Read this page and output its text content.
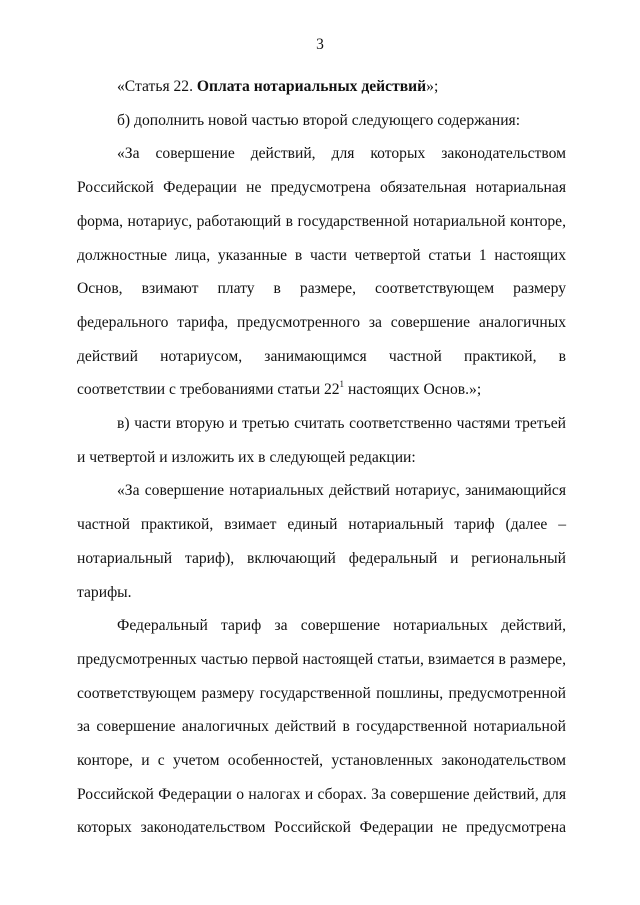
3

«Статья 22. Оплата нотариальных действий»;

б) дополнить новой частью второй следующего содержания:

«За совершение действий, для которых законодательством Российской Федерации не предусмотрена обязательная нотариальная форма, нотариус, работающий в государственной нотариальной конторе, должностные лица, указанные в части четвертой статьи 1 настоящих Основ, взимают плату в размере, соответствующем размеру федерального тарифа, предусмотренного за совершение аналогичных действий нотариусом, занимающимся частной практикой, в соответствии с требованиями статьи $22^1$ настоящих Основ.»;

в) части вторую и третью считать соответственно частями третьей и четвертой и изложить их в следующей редакции:

«За совершение нотариальных действий нотариус, занимающийся частной практикой, взимает единый нотариальный тариф (далее – нотариальный тариф), включающий федеральный и региональный тарифы.

Федеральный тариф за совершение нотариальных действий, предусмотренных частью первой настоящей статьи, взимается в размере, соответствующем размеру государственной пошлины, предусмотренной за совершение аналогичных действий в государственной нотариальной конторе, и с учетом особенностей, установленных законодательством Российской Федерации о налогах и сборах. За совершение действий, для которых законодательством Российской Федерации не предусмотрена
